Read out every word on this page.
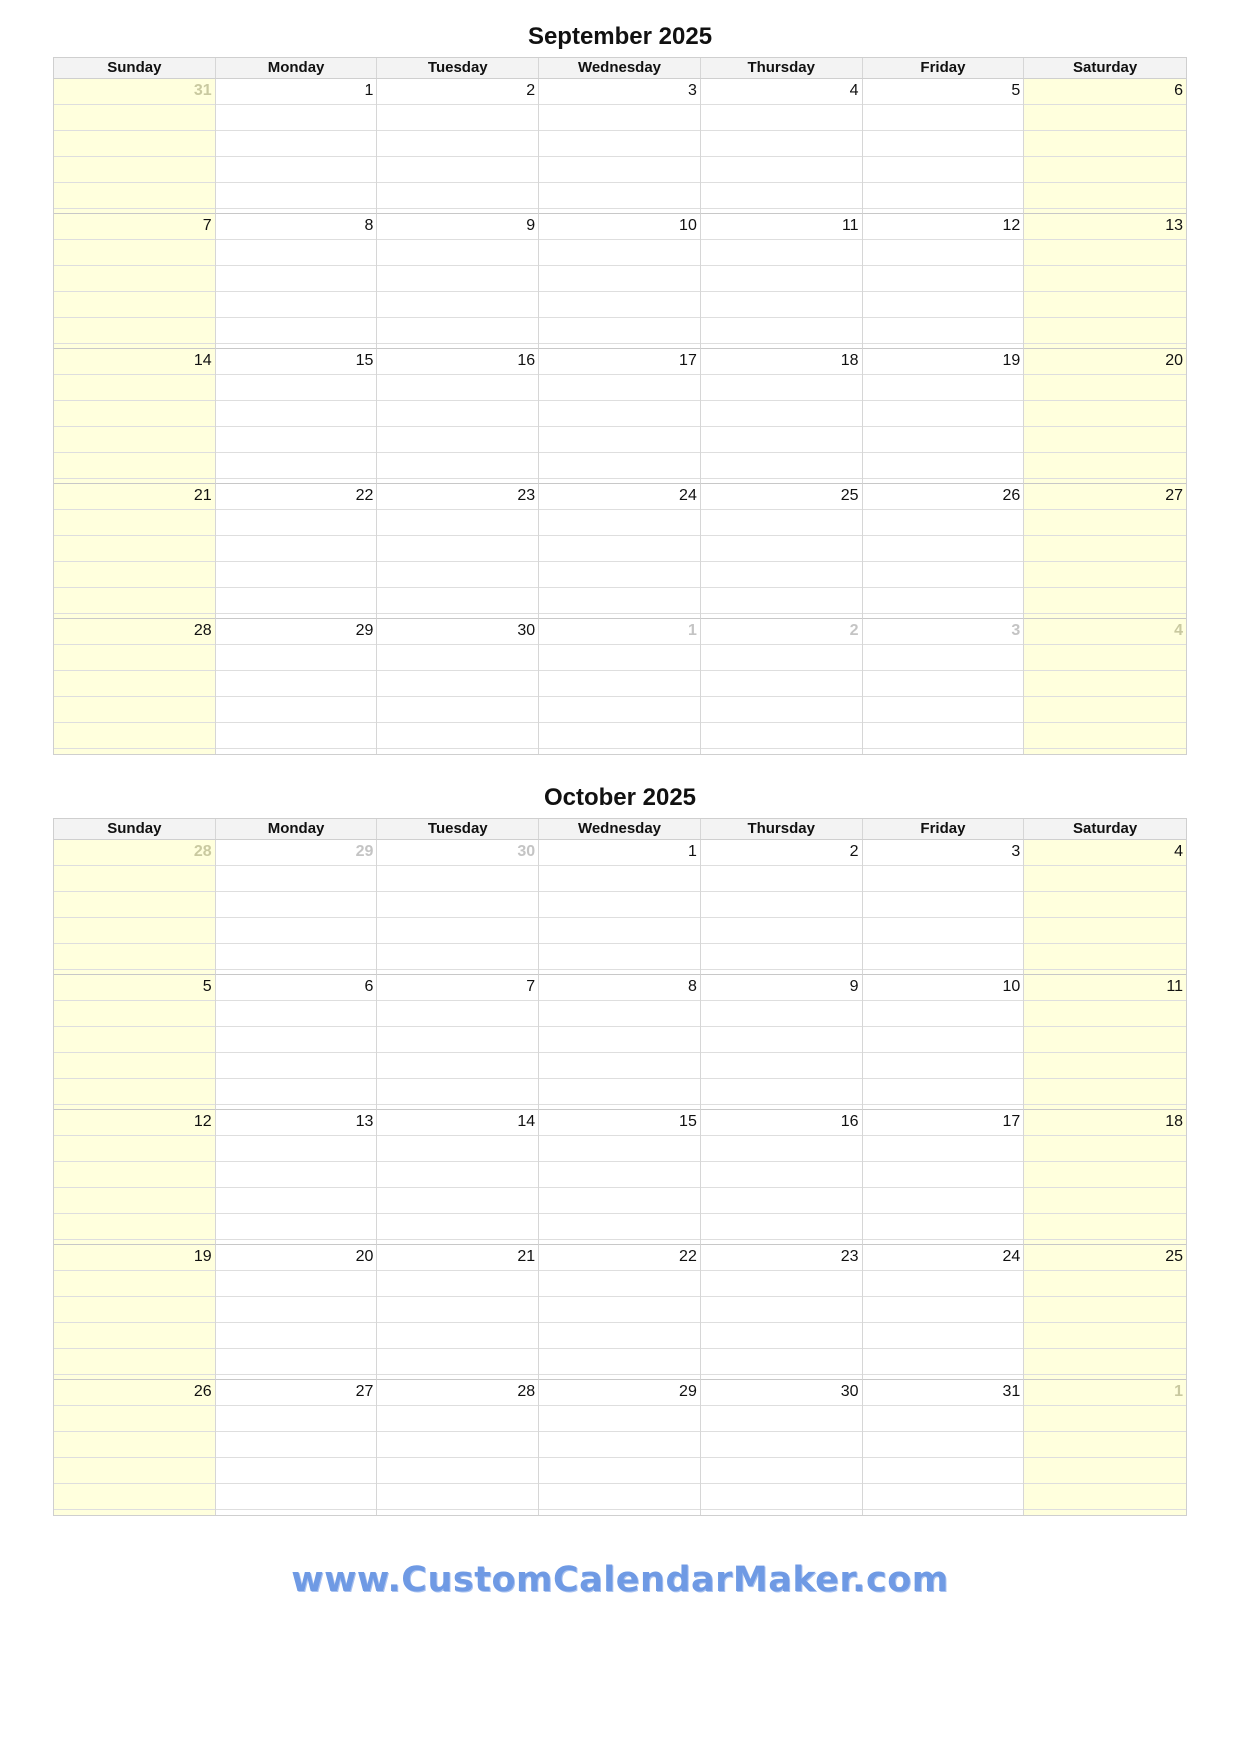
September 2025
Sunday	Monday	Tuesday	Wednesday	Thursday	Friday	Saturday
31	1	2	3	4	5	6
7	8	9	10	11	12	13
14	15	16	17	18	19	20
21	22	23	24	25	26	27
28	29	30	1	2	3	4
October 2025
Sunday	Monday	Tuesday	Wednesday	Thursday	Friday	Saturday
28	29	30	1	2	3	4
5	6	7	8	9	10	11
12	13	14	15	16	17	18
19	20	21	22	23	24	25
26	27	28	29	30	31	1
www.CustomCalendarMaker.com
